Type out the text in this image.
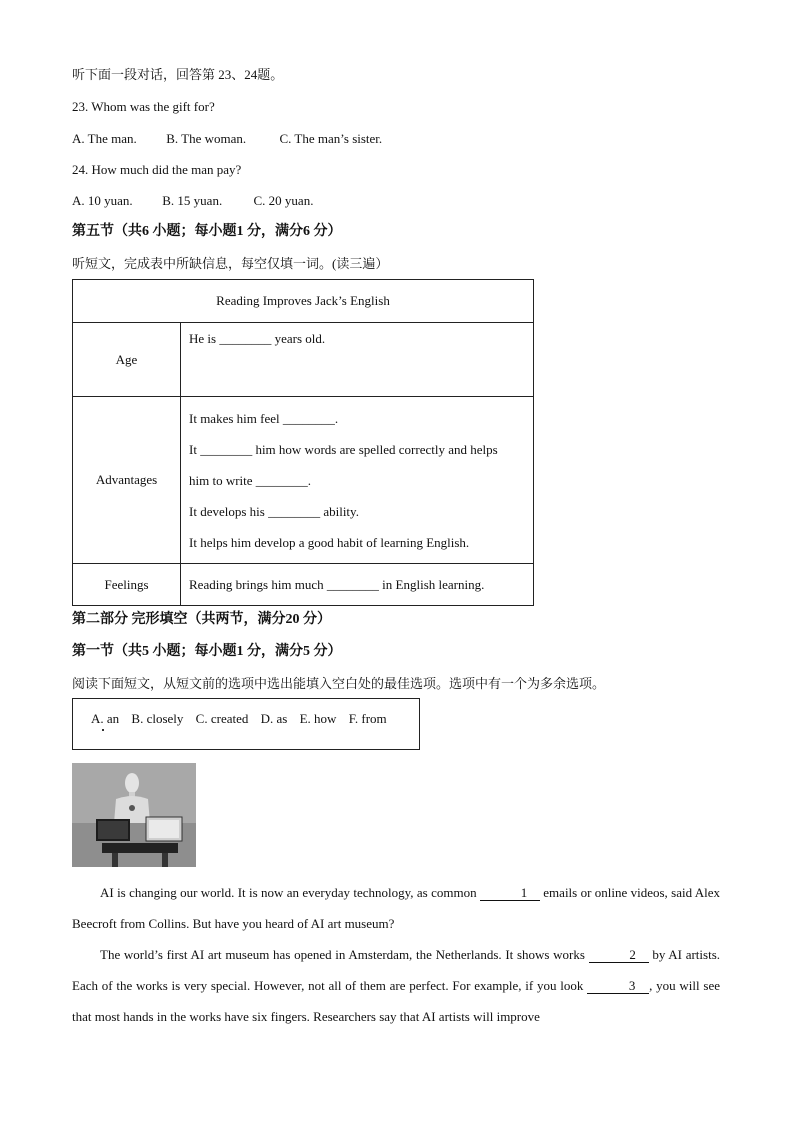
听下面一段对话，回答第 23、24题。
23. Whom was the gift for?
A. The man. B. The woman.	C. The man’s sister.
24. How much did the man pay?
A. 10 yuan. B. 15 yuan. C. 20 yuan.
第五节（共6 小题；每小题1 分，满分6 分）
听短文，完成表中所缺信息，每空仅填一词。(读三遍）
Reading Improves Jack’s English	
Age	He is ________ years old.

Advantages	It makes him feel ________.
It ________ him how words are spelled correctly and helps
him to write ________.
It develops his ________ ability.
It helps him develop a good habit of learning English.

Feelings	Reading brings him much ________ in English learning.
第二部分 完形填空（共两节，满分20 分）
第一节（共5 小题；每小题1 分，满分5 分）
阅读下面短文，从短文前的选项中选出能填入空白处的最佳选项。选项中有一个为多余选项。
A. an B. closely C. created D. as E. how F. from
AI is changing our world. It is now an everyday technology, as common	1 emails or online videos, said Alex Beecroft from Collins. But have you heard of AI art museum?
The world’s first AI art museum has opened in Amsterdam, the Netherlands. It shows works	2 by AI artists. Each of the works is very special. However, not all of them are perfect. For example, if you look	3 , you will see that most hands in the works have six fingers. Researchers say that AI artists will improve
